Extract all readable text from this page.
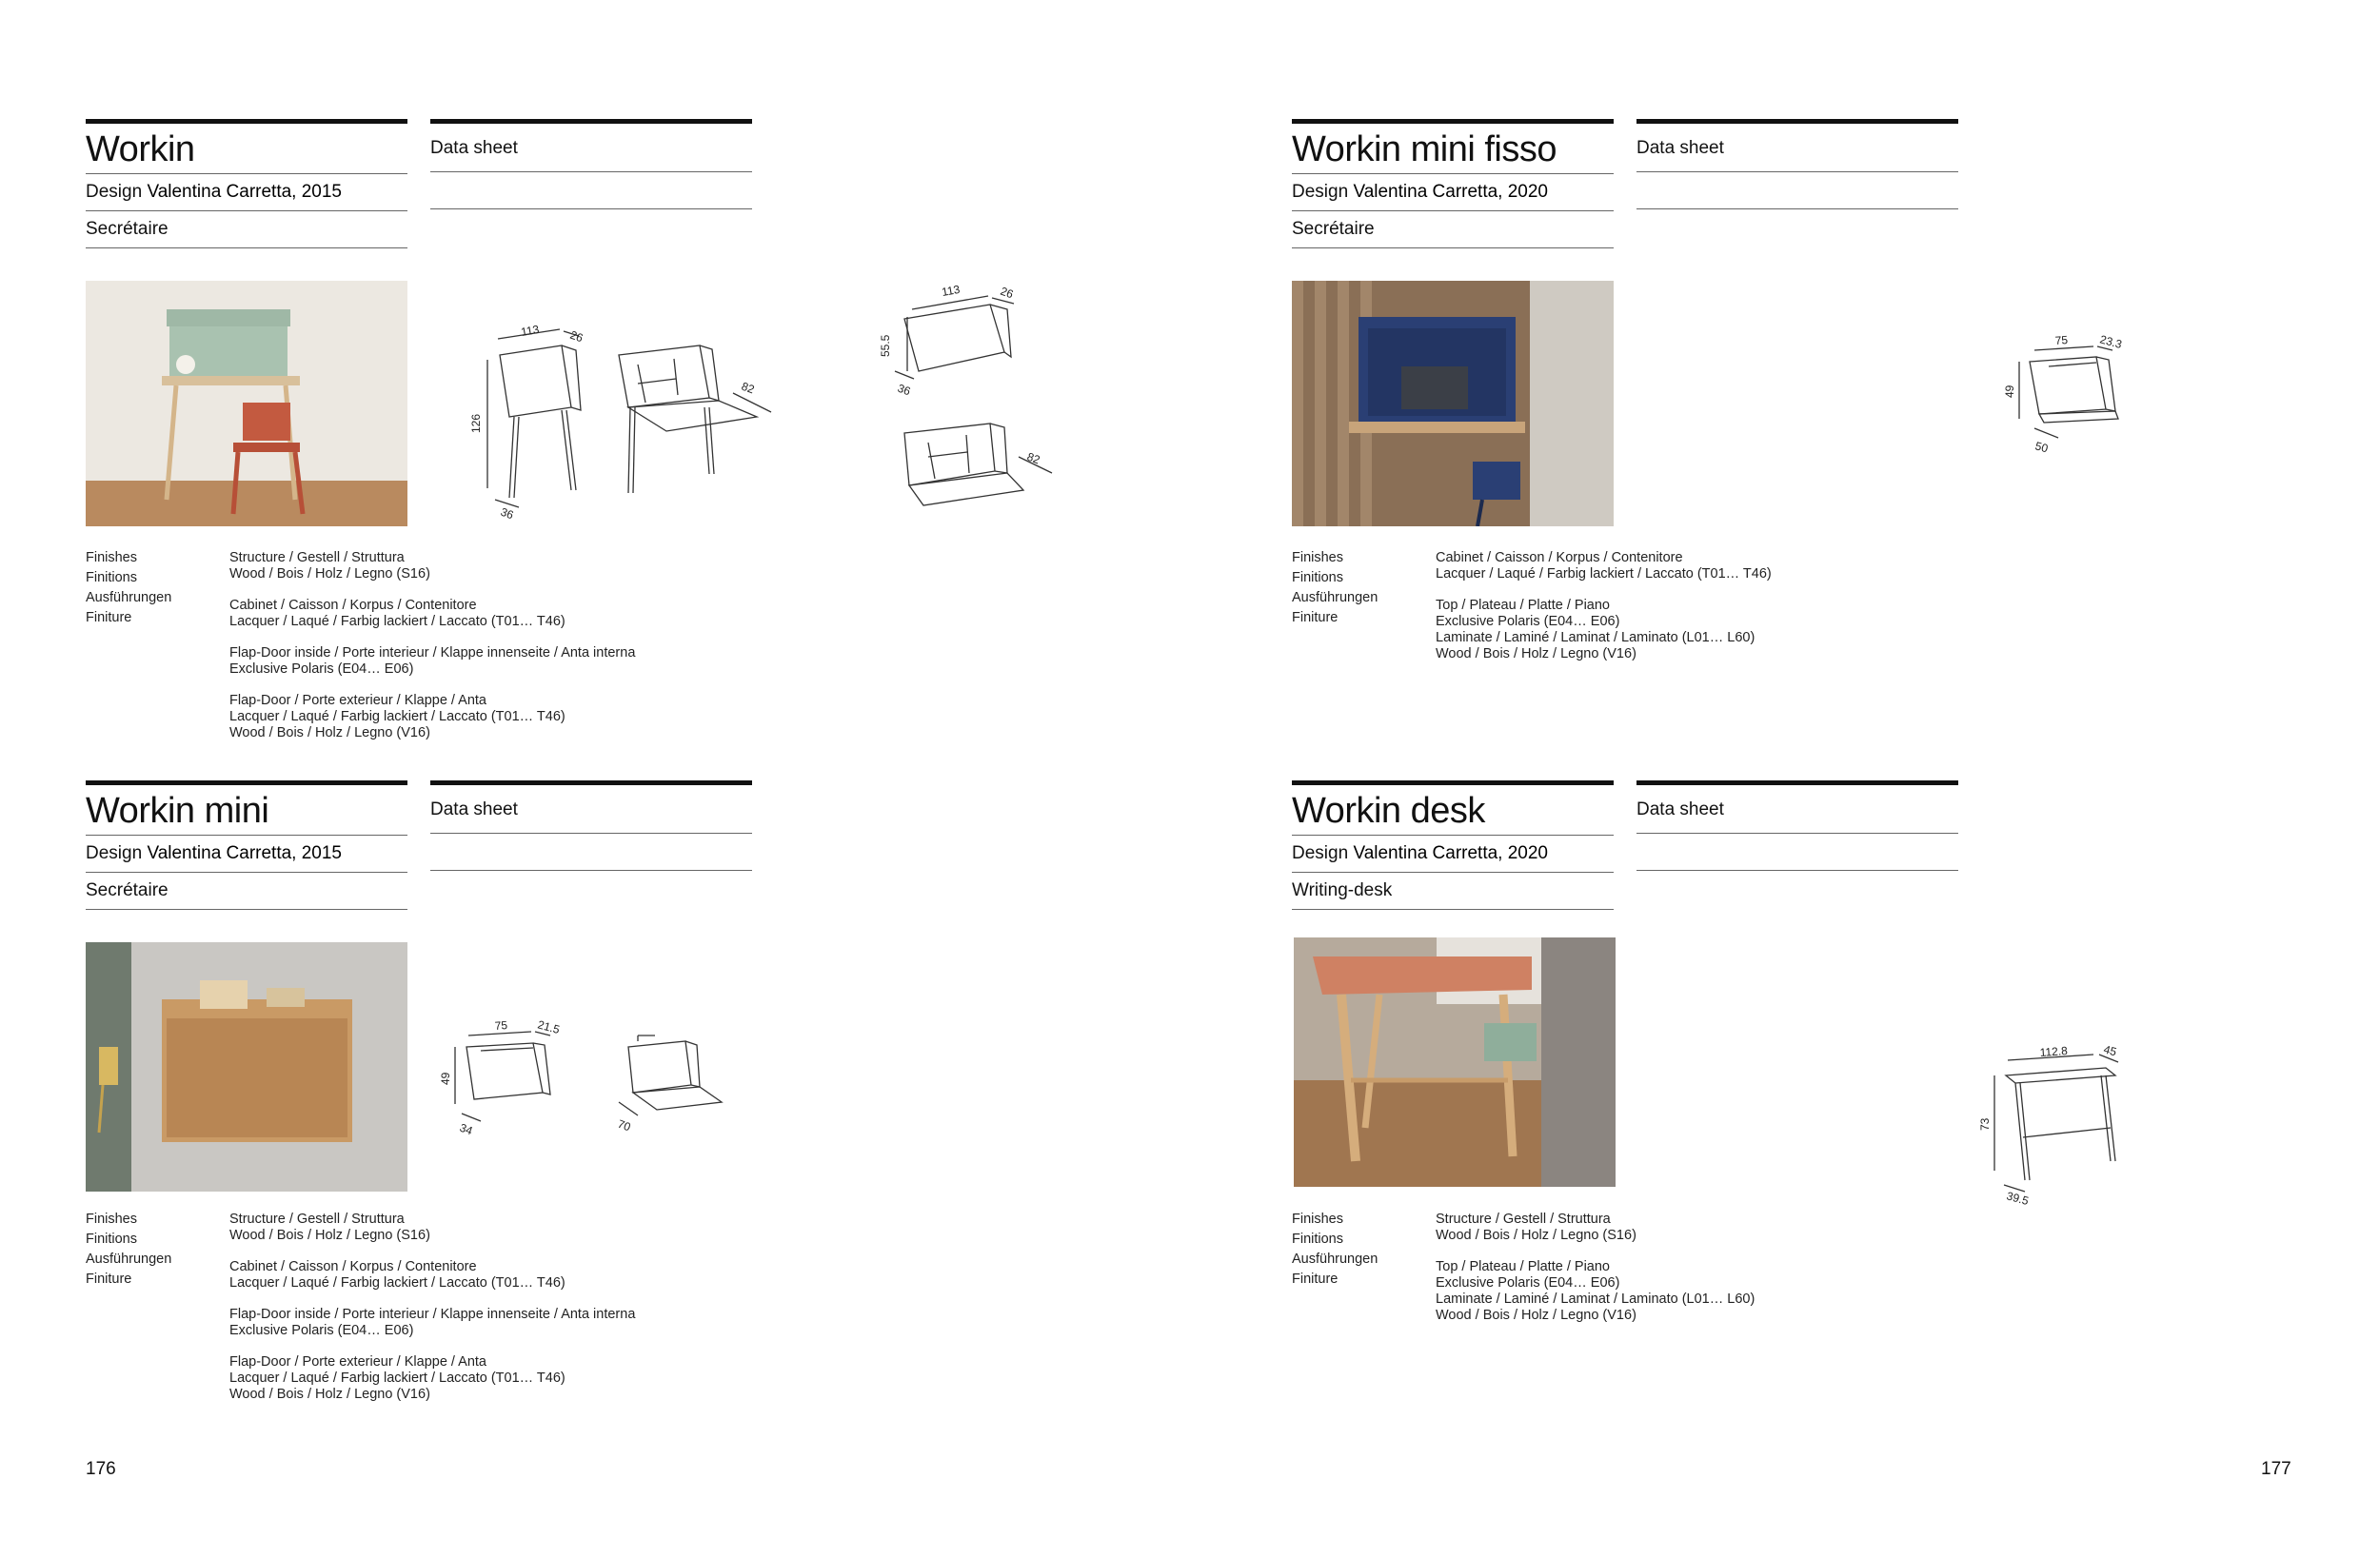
Workin
Design Valentina Carretta, 2015
Secrétaire
Data sheet
113 26
126
36
82
113	26
55.5
36
82
Finishes
Finitions
Ausführungen
Finiture
Structure / Gestell / Struttura
Wood / Bois / Holz / Legno (S16)
Cabinet / Caisson / Korpus / Contenitore
Lacquer / Laqué / Farbig lackiert / Laccato (T01… T46)
Flap-Door inside / Porte interieur / Klappe innenseite / Anta interna
Exclusive Polaris (E04… E06)
Flap-Door / Porte exterieur / Klappe / Anta
Lacquer / Laqué / Farbig lackiert / Laccato (T01… T46)
Wood / Bois / Holz / Legno (V16)
Workin mini fisso
Design Valentina Carretta, 2020
Secrétaire
Data sheet
75	23.3
49
50
Finishes
Finitions
Ausführungen
Finiture
Cabinet / Caisson / Korpus / Contenitore
Lacquer / Laqué / Farbig lackiert / Laccato (T01… T46)
Top / Plateau / Platte / Piano
Exclusive Polaris (E04… E06)
Laminate / Laminé / Laminat / Laminato (L01… L60)
Wood / Bois / Holz / Legno (V16)
Workin mini
Design Valentina Carretta, 2015
Secrétaire
Data sheet
75 21.5
49
34	70
Finishes
Finitions
Ausführungen
Finiture
Structure / Gestell / Struttura
Wood / Bois / Holz / Legno (S16)
Cabinet / Caisson / Korpus / Contenitore
Lacquer / Laqué / Farbig lackiert / Laccato (T01… T46)
Flap-Door inside / Porte interieur / Klappe innenseite / Anta interna
Exclusive Polaris (E04… E06)
Flap-Door / Porte exterieur / Klappe / Anta
Lacquer / Laqué / Farbig lackiert / Laccato (T01… T46)
Wood / Bois / Holz / Legno (V16)
Workin desk
Design Valentina Carretta, 2020
Writing-desk
Data sheet
112.8	45
73
39.5
Finishes
Finitions
Ausführungen
Finiture
Structure / Gestell / Struttura
Wood / Bois / Holz / Legno (S16)
Top / Plateau / Platte / Piano
Exclusive Polaris (E04… E06)
Laminate / Laminé / Laminat / Laminato (L01… L60)
Wood / Bois / Holz / Legno (V16)
176	177
